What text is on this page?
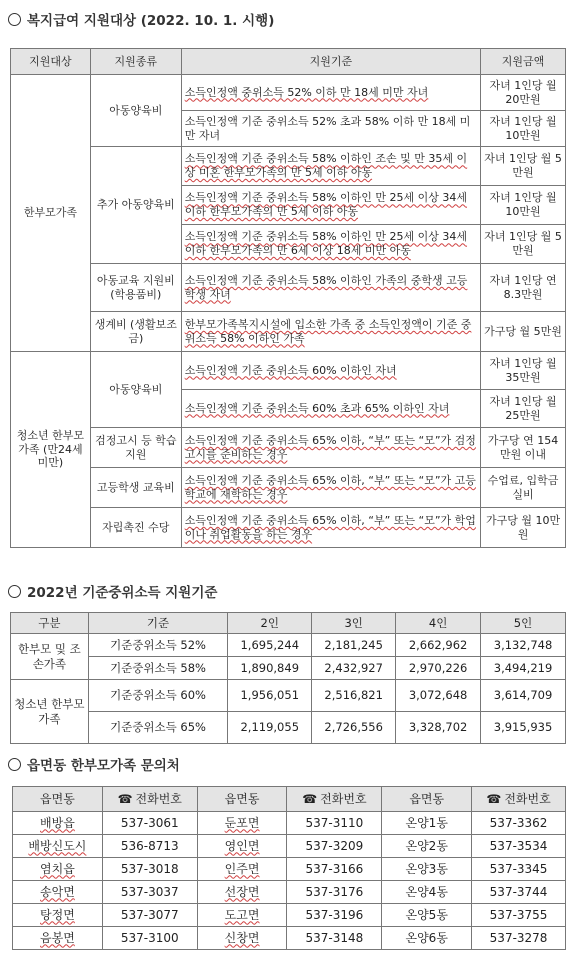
복지급여 지원대상 (2022. 10. 1. 시행)
지원대상	지원종류	지원기준	지원금액
한부모가족	아동양육비	소득인정액 중위소득 52% 이하 만 18세 미만 자녀	자녀 1인당 월 20만원
		소득인정액 기준 중위소득 52% 초과 58% 이하 만 18세 미만 자녀	자녀 1인당 월 10만원
	추가 아동양육비	소득인정액 기준 중위소득 58% 이하인 조손 및 만 35세 이상 미혼 한부모가족의 만 5세 이하 아동	자녀 1인당 월 5만원
		소득인정액 기준 중위소득 58% 이하인 만 25세 이상 34세 이하 한부모가족의 만 5세 이하 아동	자녀 1인당 월 10만원
		소득인정액 기준 중위소득 58% 이하인 만 25세 이상 34세 이하 한부모가족의 만 6세 이상 18세 미만 아동	자녀 1인당 월 5만원
	아동교육 지원비 (학용품비)	소득인정액 기준 중위소득 58% 이하인 가족의 중학생 고등학생 자녀	자녀 1인당 연 8.3만원
	생계비 (생활보조금)	한부모가족복지시설에 입소한 가족 중 소득인정액이 기준 중위소득 58% 이하인 가족	가구당 월 5만원
청소년 한부모가족 (만24세미만)	아동양육비	소득인정액 기준 중위소득 60% 이하인 자녀	자녀 1인당 월 35만원
		소득인정액 기준 중위소득 60% 초과 65% 이하인 자녀	자녀 1인당 월 25만원
	검정고시 등 학습지원	소득인정액 기준 중위소득 65% 이하, “부” 또는 “모”가 검정고시를 준비하는 경우	가구당 연 154만원 이내
	고등학생 교육비	소득인정액 기준 중위소득 65% 이하, “부” 또는 “모”가 고등학교에 재학하는 경우	수업료, 입학금 실비
	자립촉진 수당	소득인정액 기준 중위소득 65% 이하, “부” 또는 “모”가 학업이나 취업활동을 하는 경우	가구당 월 10만원
2022년 기준중위소득 지원기준
구분	기준	2인	3인	4인	5인
한부모 및 조손가족	기준중위소득 52%	1,695,244	2,181,245	2,662,962	3,132,748
	기준중위소득 58%	1,890,849	2,432,927	2,970,226	3,494,219
청소년 한부모 가족	기준중위소득 60%	1,956,051	2,516,821	3,072,648	3,614,709
	기준중위소득 65%	2,119,055	2,726,556	3,328,702	3,915,935
읍면동 한부모가족 문의처
읍면동	☎ 전화번호	읍면동	☎ 전화번호	읍면동	☎ 전화번호
배방읍	537-3061	둔포면	537-3110	온양1동	537-3362
배방신도시	536-8713	영인면	537-3209	온양2동	537-3534
염치읍	537-3018	인주면	537-3166	온양3동	537-3345
송악면	537-3037	선장면	537-3176	온양4동	537-3744
탕정면	537-3077	도고면	537-3196	온양5동	537-3755
음봉면	537-3100	신창면	537-3148	온양6동	537-3278
